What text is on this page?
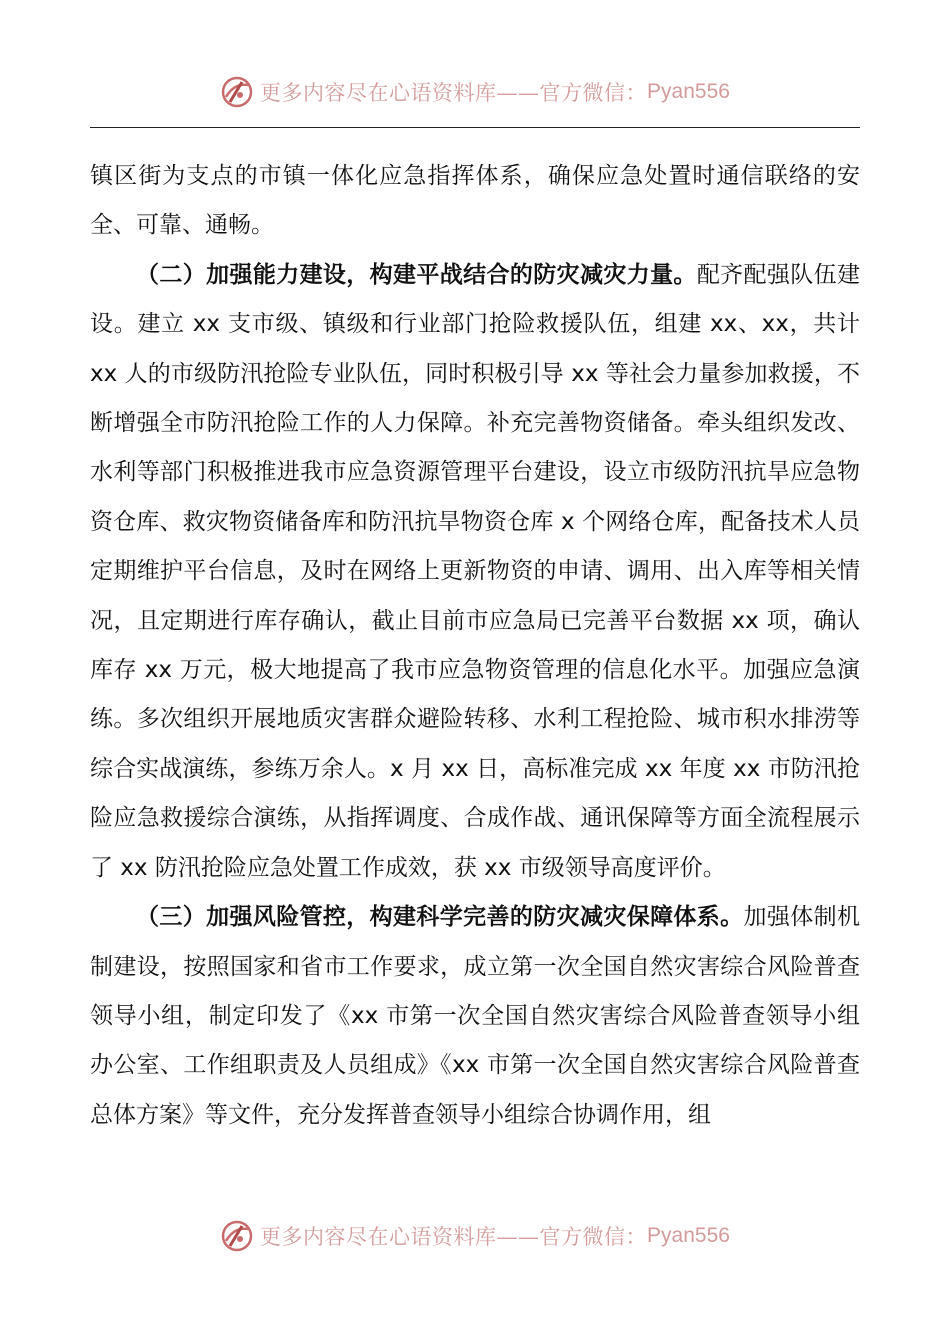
更多内容尽在心语资料库——官方微信： Pyan556

镇区街为支点的市镇一体化应急指挥体系，确保应急处置时通信联络的安全、可靠、通畅。

（二）加强能力建设，构建平战结合的防灾减灾力量。配齐配强队伍建设。建立 xx 支市级、镇级和行业部门抢险救援队伍，组建 xx、xx，共计 xx 人的市级防汛抢险专业队伍，同时积极引导 xx 等社会力量参加救援，不断增强全市防汛抢险工作的人力保障。补充完善物资储备。牵头组织发改、水利等部门积极推进我市应急资源管理平台建设，设立市级防汛抗旱应急物资仓库、救灾物资储备库和防汛抗旱物资仓库 x 个网络仓库，配备技术人员定期维护平台信息，及时在网络上更新物资的申请、调用、出入库等相关情况，且定期进行库存确认，截止目前市应急局已完善平台数据 xx 项，确认库存 xx 万元，极大地提高了我市应急物资管理的信息化水平。加强应急演练。多次组织开展地质灾害群众避险转移、水利工程抢险、城市积水排涝等综合实战演练，参练万余人。x 月 xx 日，高标准完成 xx 年度 xx 市防汛抢险应急救援综合演练，从指挥调度、合成作战、通讯保障等方面全流程展示了 xx 防汛抢险应急处置工作成效，获 xx 市级领导高度评价。

（三）加强风险管控，构建科学完善的防灾减灾保障体系。加强体制机制建设，按照国家和省市工作要求，成立第一次全国自然灾害综合风险普查领导小组，制定印发了《xx 市第一次全国自然灾害综合风险普查领导小组办公室、工作组职责及人员组成》《xx 市第一次全国自然灾害综合风险普查总体方案》等文件，充分发挥普查领导小组综合协调作用，组

更多内容尽在心语资料库——官方微信： Pyan556
